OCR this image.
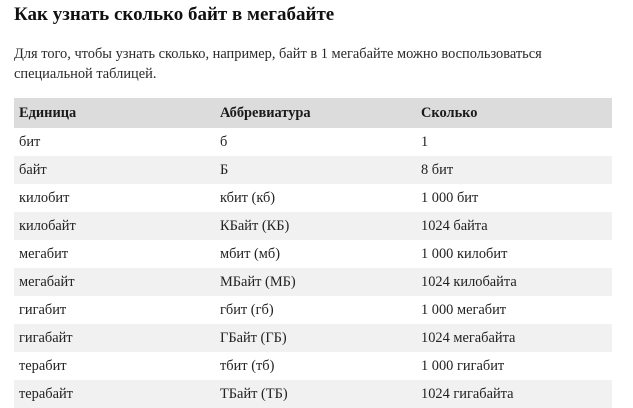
Как узнать сколько байт в мегабайте

Для того, чтобы узнать сколько, например, байт в 1 мегабайте можно воспользоваться специальной таблицей.

Единица	Аббревиатура	Сколько
бит	б	1
байт	Б	8 бит
килобит	кбит (кб)	1 000 бит
килобайт	КБайт (КБ)	1024 байта
мегабит	мбит (мб)	1 000 килобит
мегабайт	МБайт (МБ)	1024 килобайта
гигабит	гбит (гб)	1 000 мегабит
гигабайт	ГБайт (ГБ)	1024 мегабайта
терабит	тбит (тб)	1 000 гигабит
терабайт	ТБайт (ТБ)	1024 гигабайта
